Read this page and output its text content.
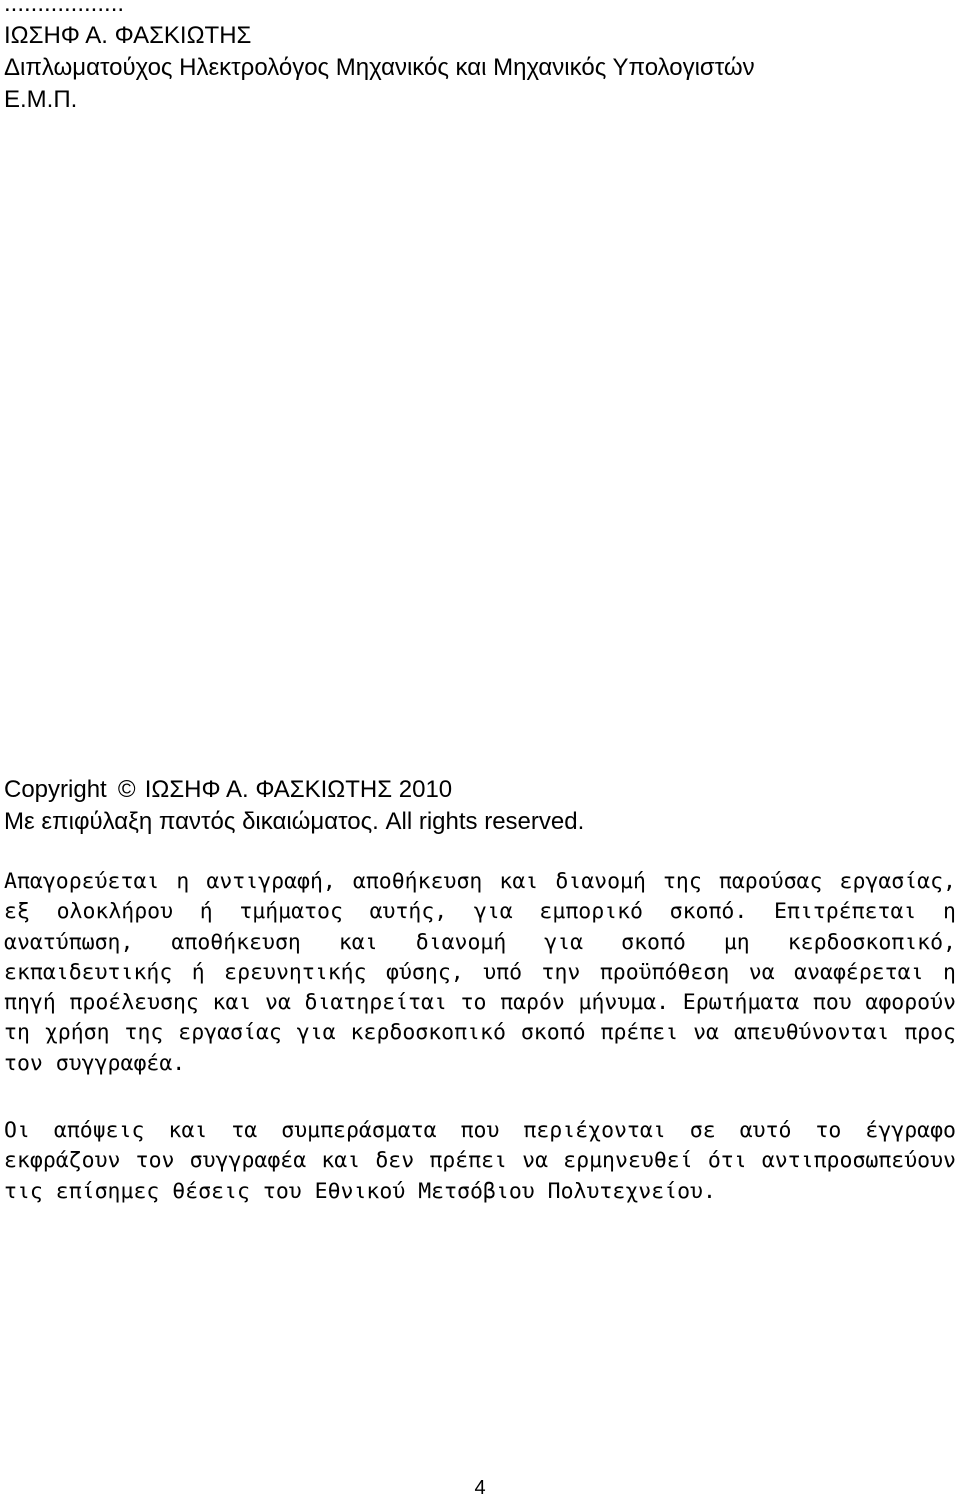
..................
ΙΩΣΗΦ Α. ΦΑΣΚΙΩΤΗΣ
Διπλωματούχος Ηλεκτρολόγος Μηχανικός και Μηχανικός Υπολογιστών
Ε.Μ.Π.
Copyright © ΙΩΣΗΦ Α. ΦΑΣΚΙΩΤΗΣ 2010
Με επιφύλαξη παντός δικαιώματος. All rights reserved.

Απαγορεύεται η αντιγραφή, αποθήκευση και διανομή της παρούσας εργασίας, εξ ολοκλήρου ή τμήματος αυτής, για εμπορικό σκοπό. Επιτρέπεται η ανατύπωση, αποθήκευση και διανομή για σκοπό μη κερδοσκοπικό, εκπαιδευτικής ή ερευνητικής φύσης, υπό την προϋπόθεση να αναφέρεται η πηγή προέλευσης και να διατηρείται το παρόν μήνυμα. Ερωτήματα που αφορούν τη χρήση της εργασίας για κερδοσκοπικό σκοπό πρέπει να απευθύνονται προς τον συγγραφέα.

Οι απόψεις και τα συμπεράσματα που περιέχονται σε αυτό το έγγραφο εκφράζουν τον συγγραφέα και δεν πρέπει να ερμηνευθεί ότι αντιπροσωπεύουν τις επίσημες θέσεις του Εθνικού Μετσόβιου Πολυτεχνείου.

4
